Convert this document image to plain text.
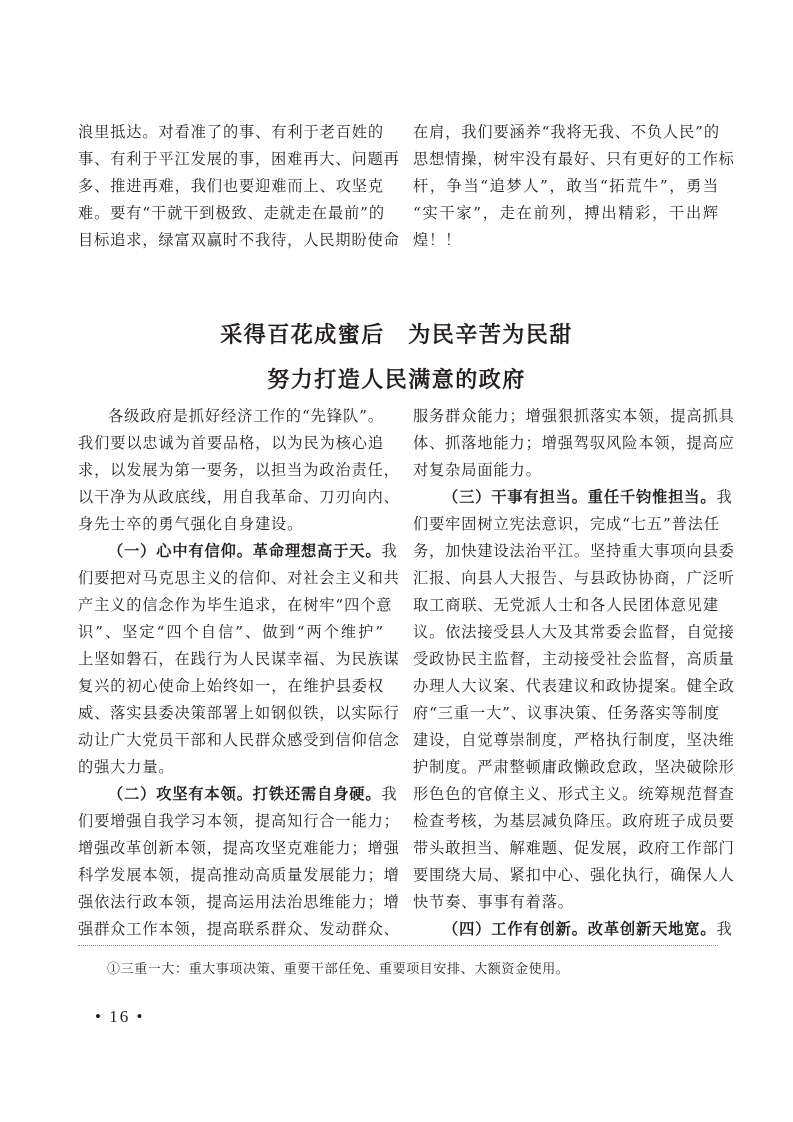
浪里抵达。对看准了的事、有利于老百姓的
事、有利于平江发展的事，困难再大、问题再
多、推进再难，我们也要迎难而上、攻坚克
难。要有“干就干到极致、走就走在最前”的
目标追求，绿富双赢时不我待，人民期盼使命
在肩，我们要涵养“我将无我、不负人民”的
思想情操，树牢没有最好、只有更好的工作标
杆，争当“追梦人”，敢当“拓荒牛”，勇当
“实干家”，走在前列，搏出精彩，干出辉
煌！！
采得百花成蜜后　为民辛苦为民甜
努力打造人民满意的政府
各级政府是抓好经济工作的“先锋队”。
我们要以忠诚为首要品格，以为民为核心追
求，以发展为第一要务，以担当为政治责任，
以干净为从政底线，用自我革命、刀刃向内、
身先士卒的勇气强化自身建设。
（一）心中有信仰。革命理想高于天。我
们要把对马克思主义的信仰、对社会主义和共
产主义的信念作为毕生追求，在树牢“四个意
识”、坚定“四个自信”、做到“两个维护”
上坚如磐石，在践行为人民谋幸福、为民族谋
复兴的初心使命上始终如一，在维护县委权
威、落实县委决策部署上如钢似铁，以实际行
动让广大党员干部和人民群众感受到信仰信念
的强大力量。
（二）攻坚有本领。打铁还需自身硬。我
们要增强自我学习本领，提高知行合一能力；
增强改革创新本领，提高攻坚克难能力；增强
科学发展本领，提高推动高质量发展能力；增
强依法行政本领，提高运用法治思维能力；增
强群众工作本领，提高联系群众、发动群众、
服务群众能力；增强狠抓落实本领，提高抓具
体、抓落地能力；增强驾驭风险本领，提高应
对复杂局面能力。
（三）干事有担当。重任千钧惟担当。我
们要牢固树立宪法意识，完成“七五”普法任
务，加快建设法治平江。坚持重大事项向县委
汇报、向县人大报告、与县政协协商，广泛听
取工商联、无党派人士和各人民团体意见建
议。依法接受县人大及其常委会监督，自觉接
受政协民主监督，主动接受社会监督，高质量
办理人大议案、代表建议和政协提案。健全政
府“三重一大”、议事决策、任务落实等制度
建设，自觉尊崇制度，严格执行制度，坚决维
护制度。严肃整顿庸政懒政怠政，坚决破除形
形色色的官僚主义、形式主义。统筹规范督查
检查考核，为基层减负降压。政府班子成员要
带头敢担当、解难题、促发展，政府工作部门
要围绕大局、紧扣中心、强化执行，确保人人
快节奏、事事有着落。
（四）工作有创新。改革创新天地宽。我
①三重一大：重大事项决策、重要干部任免、重要项目安排、大额资金使用。
• 16 •
